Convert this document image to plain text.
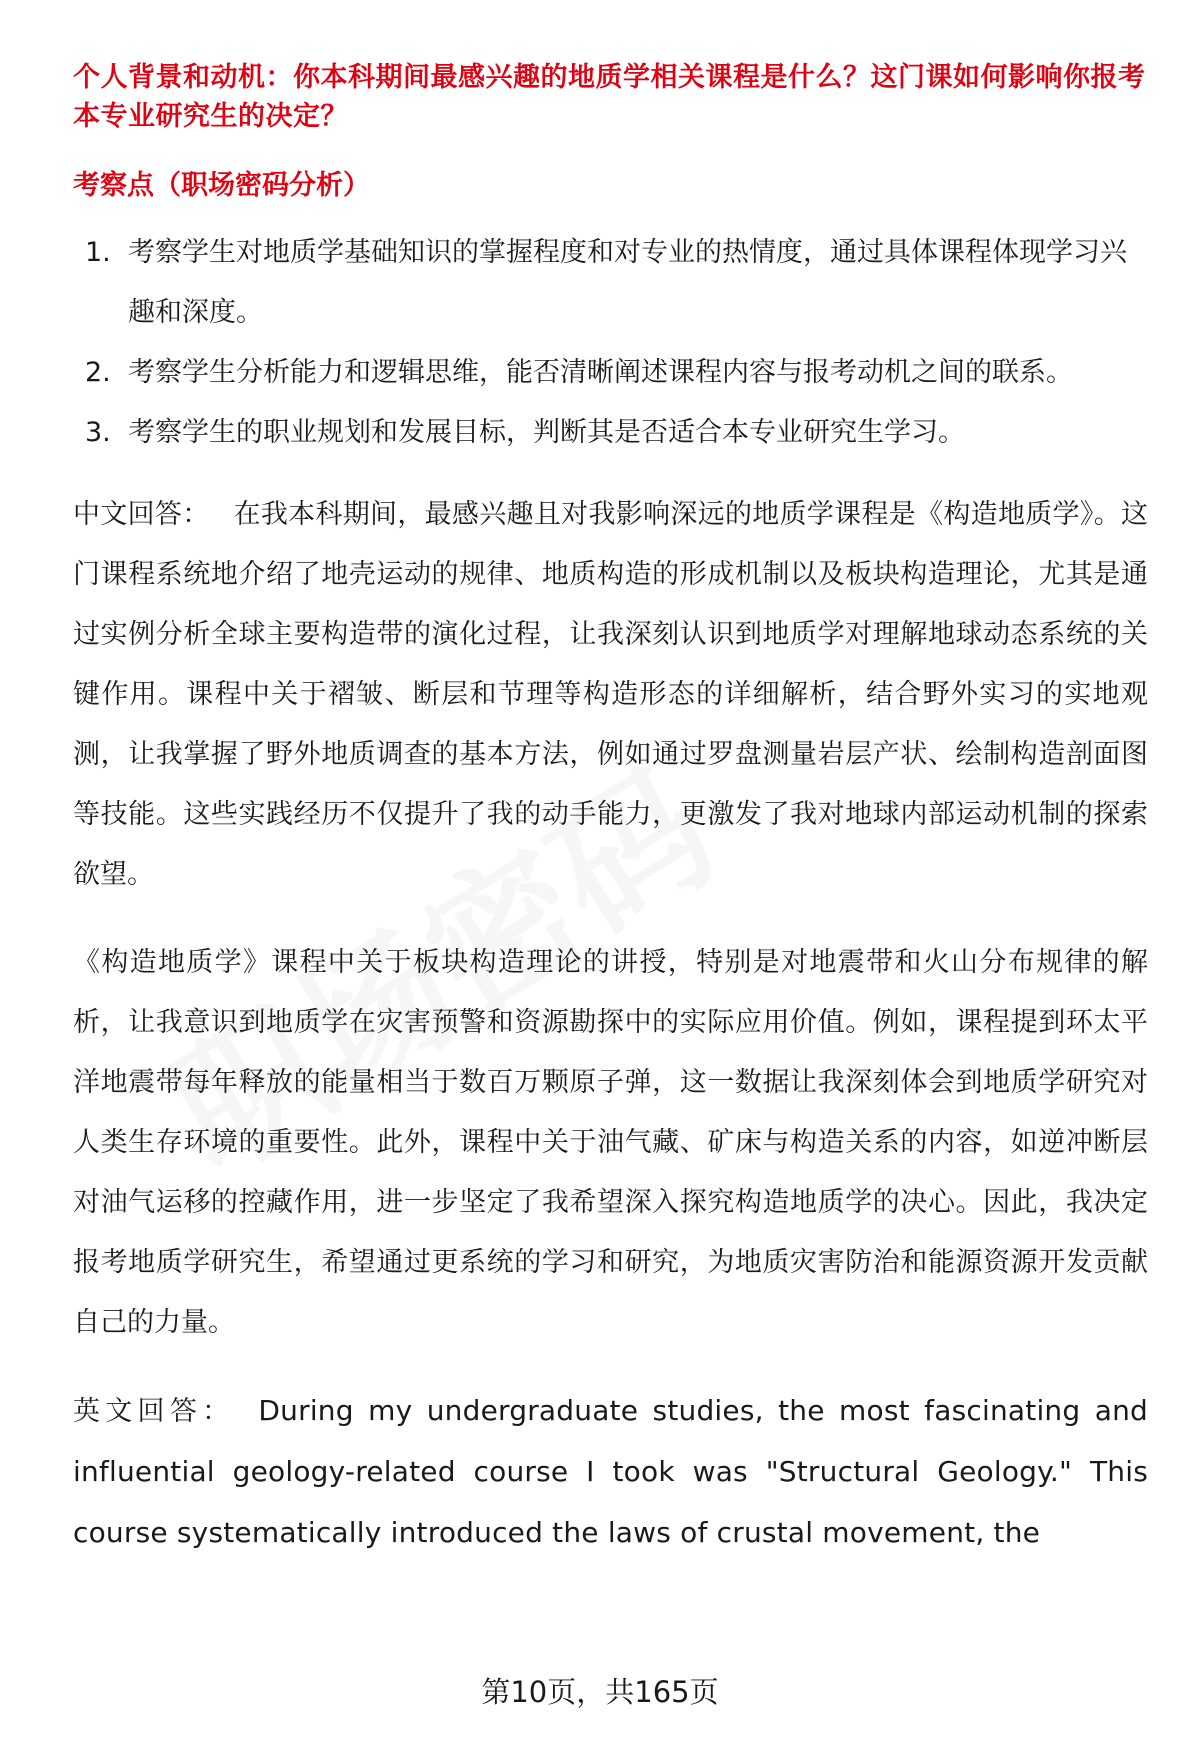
个人背景和动机：你本科期间最感兴趣的地质学相关课程是什么？这门课如何影响你报考本专业研究生的决定？

考察点（职场密码分析）

1. 考察学生对地质学基础知识的掌握程度和对专业的热情度，通过具体课程体现学习兴趣和深度。
2. 考察学生分析能力和逻辑思维，能否清晰阐述课程内容与报考动机之间的联系。
3. 考察学生的职业规划和发展目标，判断其是否适合本专业研究生学习。

中文回答： 在我本科期间，最感兴趣且对我影响深远的地质学课程是《构造地质学》。这门课程系统地介绍了地壳运动的规律、地质构造的形成机制以及板块构造理论，尤其是通过实例分析全球主要构造带的演化过程，让我深刻认识到地质学对理解地球动态系统的关键作用。课程中关于褶皱、断层和节理等构造形态的详细解析，结合野外实习的实地观测，让我掌握了野外地质调查的基本方法，例如通过罗盘测量岩层产状、绘制构造剖面图等技能。这些实践经历不仅提升了我的动手能力，更激发了我对地球内部运动机制的探索欲望。

《构造地质学》课程中关于板块构造理论的讲授，特别是对地震带和火山分布规律的解析，让我意识到地质学在灾害预警和资源勘探中的实际应用价值。例如，课程提到环太平洋地震带每年释放的能量相当于数百万颗原子弹，这一数据让我深刻体会到地质学研究对人类生存环境的重要性。此外，课程中关于油气藏、矿床与构造关系的内容，如逆冲断层对油气运移的控藏作用，进一步坚定了我希望深入探究构造地质学的决心。因此，我决定报考地质学研究生，希望通过更系统的学习和研究，为地质灾害防治和能源资源开发贡献自己的力量。

英文回答： During my undergraduate studies, the most fascinating and influential geology-related course I took was "Structural Geology." This course systematically introduced the laws of crustal movement, the

第10页，共165页
